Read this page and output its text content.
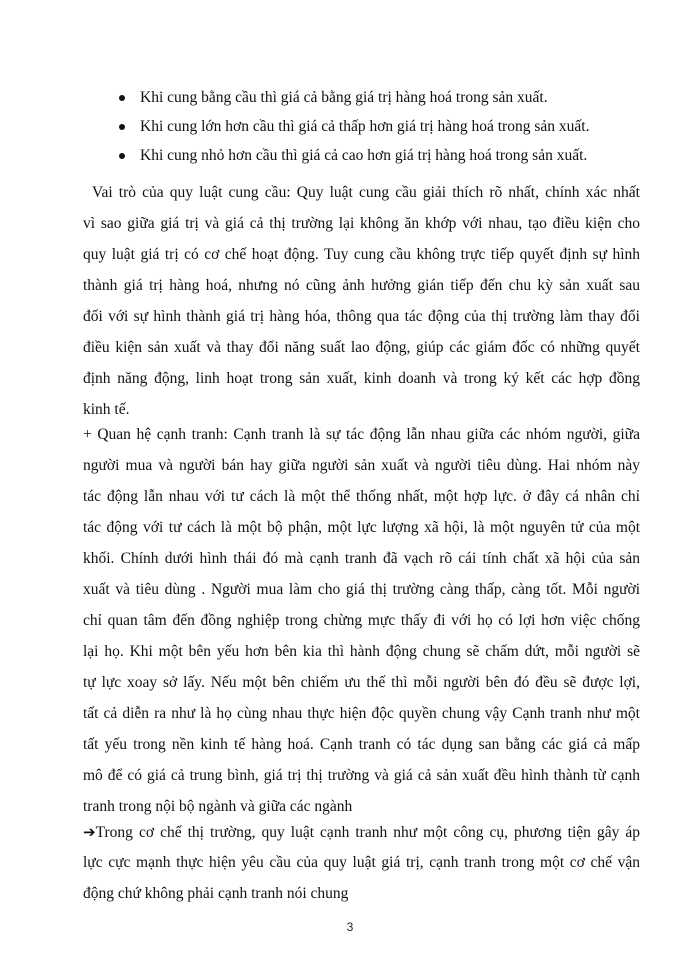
Khi cung bằng cầu thì giá cả bằng giá trị hàng hoá trong sản xuất.
Khi cung lớn hơn cầu thì giá cả thấp hơn giá trị hàng hoá trong sản xuất.
Khi cung nhỏ hơn cầu thì giá cả cao hơn giá trị hàng hoá trong sản xuất.
Vai trò của quy luật cung cầu: Quy luật cung cầu giải thích rõ nhất, chính xác nhất
vì sao giữa giá trị và giá cả thị trường lại không ăn khớp với nhau, tạo điều kiện cho
quy luật giá trị có cơ chế hoạt động. Tuy cung cầu không trực tiếp quyết định sự hình
thành giá trị hàng hoá, nhưng nó cũng ảnh hưởng gián tiếp đến chu kỳ sản xuất sau
đối với sự hình thành giá trị hàng hóa, thông qua tác động của thị trường làm thay đổi
điều kiện sản xuất và thay đổi năng suất lao động, giúp các giám đốc có những quyết
định năng động, linh hoạt trong sản xuất, kinh doanh và trong ký kết các hợp đồng
kinh tế.
+ Quan hệ cạnh tranh: Cạnh tranh là sự tác động lẫn nhau giữa các nhóm người, giữa
người mua và người bán hay giữa người sản xuất và người tiêu dùng. Hai nhóm này
tác động lẫn nhau với tư cách là một thể thống nhất, một hợp lực. ở đây cá nhân chỉ
tác động với tư cách là một bộ phận, một lực lượng xã hội, là một nguyên tử của một
khối. Chính dưới hình thái đó mà cạnh tranh đã vạch rõ cái tính chất xã hội của sản
xuất và tiêu dùng . Người mua làm cho giá thị trường càng thấp, càng tốt. Mỗi người
chỉ quan tâm đến đồng nghiệp trong chừng mực thấy đi với họ có lợi hơn việc chống
lại họ. Khi một bên yếu hơn bên kia thì hành động chung sẽ chấm dứt, mỗi người sẽ
tự lực xoay sở lấy. Nếu một bên chiếm ưu thế thì mỗi người bên đó đều sẽ được lợi,
tất cả diễn ra như là họ cùng nhau thực hiện độc quyền chung vậy Cạnh tranh như một
tất yếu trong nền kinh tế hàng hoá. Cạnh tranh có tác dụng san bằng các giá cả mấp
mô để có giá cả trung bình, giá trị thị trường và giá cả sản xuất đều hình thành từ cạnh
tranh trong nội bộ ngành và giữa các ngành
➔Trong cơ chế thị trường, quy luật cạnh tranh như một công cụ, phương tiện gây áp
lực cực mạnh thực hiện yêu cầu của quy luật giá trị, cạnh tranh trong một cơ chế vận
động chứ không phải cạnh tranh nói chung
3
